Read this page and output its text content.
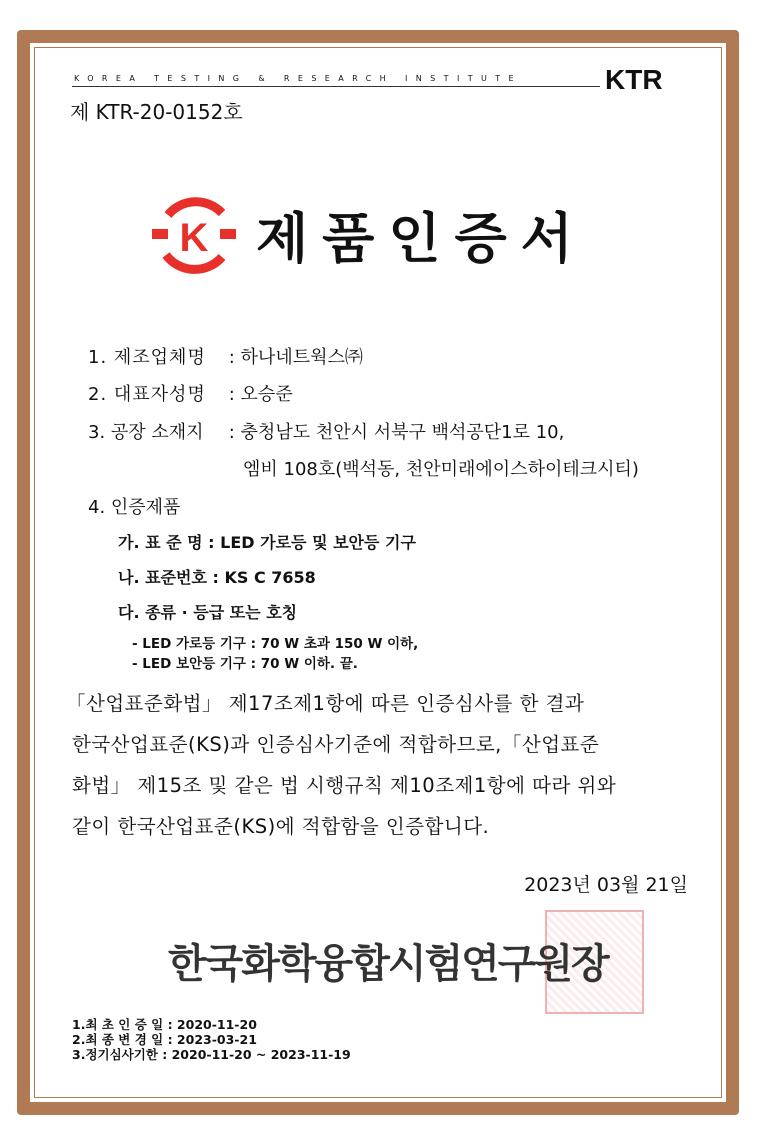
KOREA TESTING & RESEARCH INSTITUTE	KTR
제 KTR-20-0152호
K 제품인증서
1. 제조업체명 : 하나네트웍스㈜
2. 대표자성명 : 오승준
3. 공장 소재지 : 충청남도 천안시 서북구 백석공단1로 10,
엠비 108호(백석동, 천안미래에이스하이테크시티)
4. 인증제품
가. 표 준 명 : LED 가로등 및 보안등 기구
나. 표준번호 : KS C 7658
다. 종류 · 등급 또는 호칭
- LED 가로등 기구 : 70 W 초과 150 W 이하,
- LED 보안등 기구 : 70 W 이하. 끝.
「산업표준화법」 제17조제1항에 따른 인증심사를 한 결과
한국산업표준(KS)과 인증심사기준에 적합하므로,「산업표준
화법」 제15조 및 같은 법 시행규칙 제10조제1항에 따라 위와
같이 한국산업표준(KS)에 적합함을 인증합니다.
2023년 03월 21일
한국화학융합시험연구원장
1.최 초 인 증 일 : 2020-11-20
2.최 종 변 경 일 : 2023-03-21
3.정기심사기한 : 2020-11-20 ~ 2023-11-19
